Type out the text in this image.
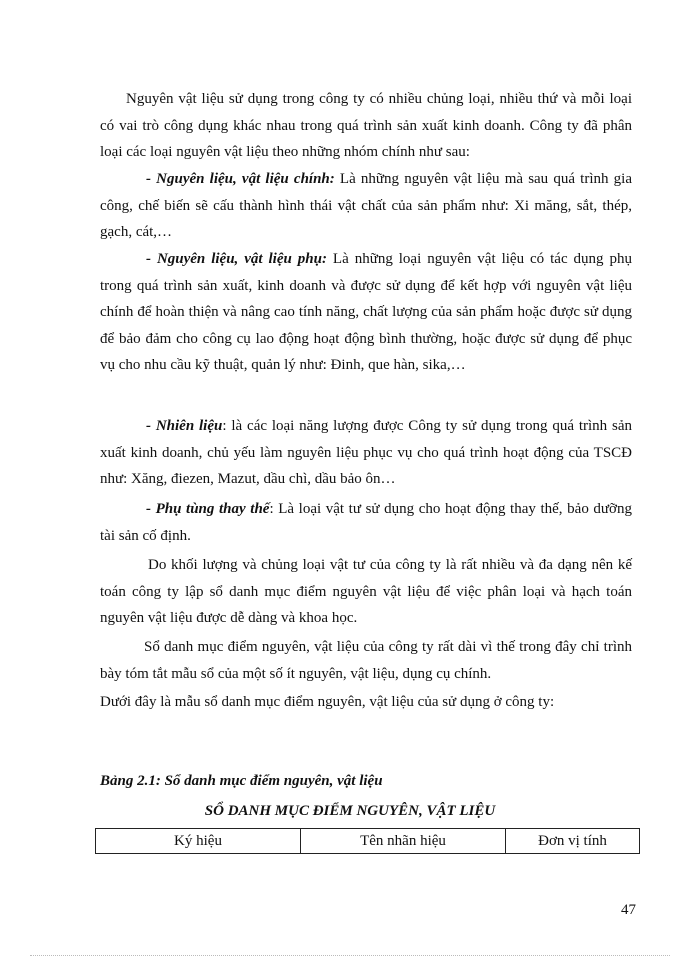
Nguyên vật liệu sử dụng trong công ty có nhiều chủng loại, nhiều thứ và mỗi loại có vai trò công dụng khác nhau trong quá trình sản xuất kinh doanh. Công ty đã phân loại các loại nguyên vật liệu theo những nhóm chính như sau:

- Nguyên liệu, vật liệu chính: Là những nguyên vật liệu mà sau quá trình gia công, chế biến sẽ cấu thành hình thái vật chất của sản phẩm như: Xi măng, sắt, thép, gạch, cát,…

- Nguyên liệu, vật liệu phụ: Là những loại nguyên vật liệu có tác dụng phụ trong quá trình sản xuất, kinh doanh và được sử dụng để kết hợp với nguyên vật liệu chính để hoàn thiện và nâng cao tính năng, chất lượng của sản phẩm hoặc được sử dụng để bảo đảm cho công cụ lao động hoạt động bình thường, hoặc được sử dụng để phục vụ cho nhu cầu kỹ thuật, quản lý như: Đinh, que hàn, sika,…

- Nhiên liệu: là các loại năng lượng được Công ty sử dụng trong quá trình sản xuất kinh doanh, chủ yếu làm nguyên liệu phục vụ cho quá trình hoạt động của TSCĐ như: Xăng, điezen, Mazut, dầu chì, dầu bảo ôn…

- Phụ tùng thay thế: Là loại vật tư sử dụng cho hoạt động thay thế, bảo dưỡng tài sản cố định.

Do khối lượng và chủng loại vật tư của công ty là rất nhiều và đa dạng nên kế toán công ty lập sổ danh mục điểm nguyên vật liệu để việc phân loại và hạch toán nguyên vật liệu được dễ dàng và khoa học.

Sổ danh mục điểm nguyên, vật liệu của công ty rất dài vì thế trong đây chỉ trình bày tóm tắt mẫu sổ của một số ít nguyên, vật liệu, dụng cụ chính.

Dưới đây là mẫu sổ danh mục điểm nguyên, vật liệu của sử dụng ở công ty:

Bảng 2.1: Sổ danh mục điểm nguyên, vật liệu

SỔ DANH MỤC ĐIỂM NGUYÊN, VẬT LIỆU

Ký hiệu	Tên nhãn hiệu	Đơn vị tính

47
